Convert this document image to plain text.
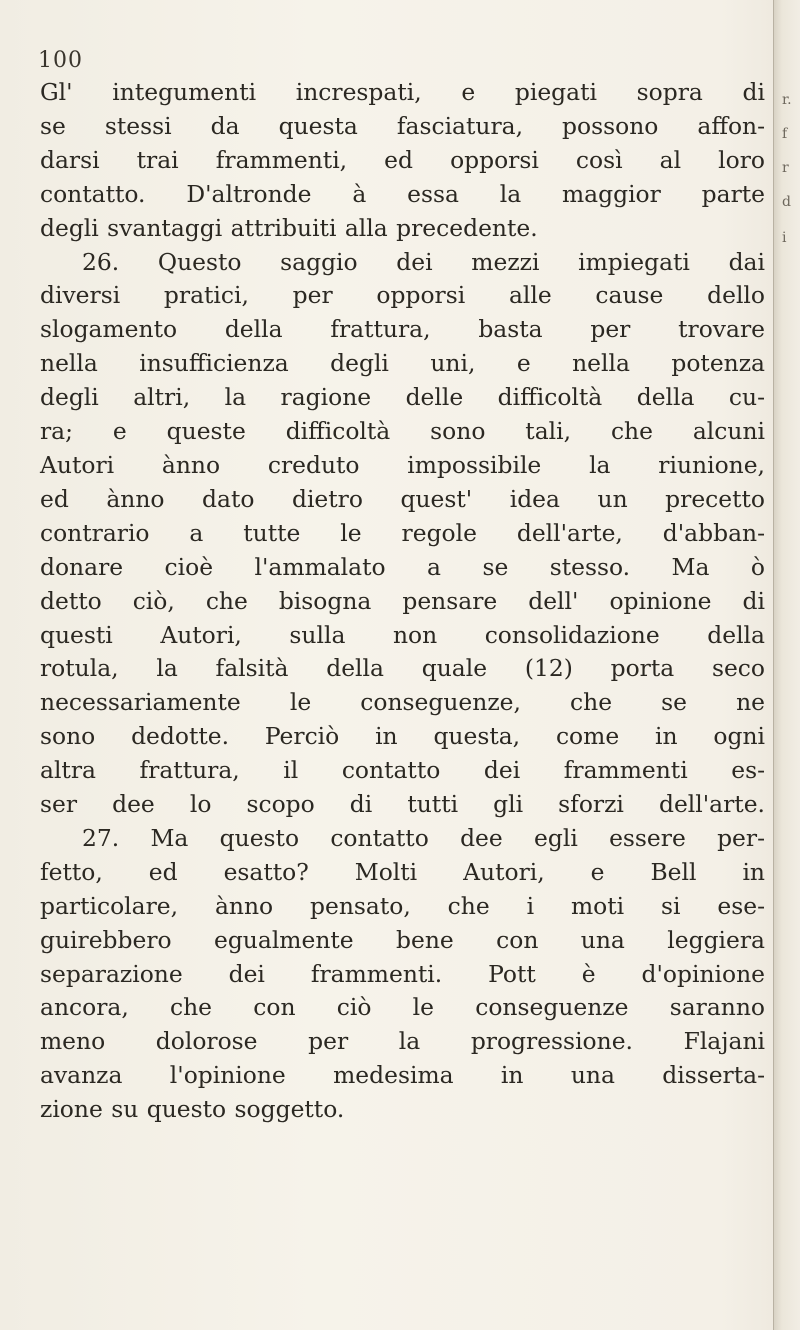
r.
f
r
d
i
100
Gl' integumenti increspati, e piegati sopra di
se stessi da questa fasciatura, possono affon-
darsi trai frammenti, ed opporsi così al loro
contatto. D'altronde à essa la maggior parte
degli svantaggi attribuiti alla precedente.
26. Questo saggio dei mezzi impiegati dai
diversi pratici, per opporsi alle cause dello
slogamento della frattura, basta per trovare
nella insufficienza degli uni, e nella potenza
degli altri, la ragione delle difficoltà della cu-
ra; e queste difficoltà sono tali, che alcuni
Autori ànno creduto impossibile la riunione,
ed ànno dato dietro quest' idea un precetto
contrario a tutte le regole dell'arte, d'abban-
donare cioè l'ammalato a se stesso. Ma ò
detto ciò, che bisogna pensare dell' opinione di
questi Autori, sulla non consolidazione della
rotula, la falsità della quale (12) porta seco
necessariamente le conseguenze, che se ne
sono dedotte. Perciò in questa, come in ogni
altra frattura, il contatto dei frammenti es-
ser dee lo scopo di tutti gli sforzi dell'arte.
27. Ma questo contatto dee egli essere per-
fetto, ed esatto? Molti Autori, e Bell in
particolare, ànno pensato, che i moti si ese-
guirebbero egualmente bene con una leggiera
separazione dei frammenti. Pott è d'opinione
ancora, che con ciò le conseguenze saranno
meno dolorose per la progressione. Flajani
avanza l'opinione medesima in una disserta-
zione su questo soggetto.
